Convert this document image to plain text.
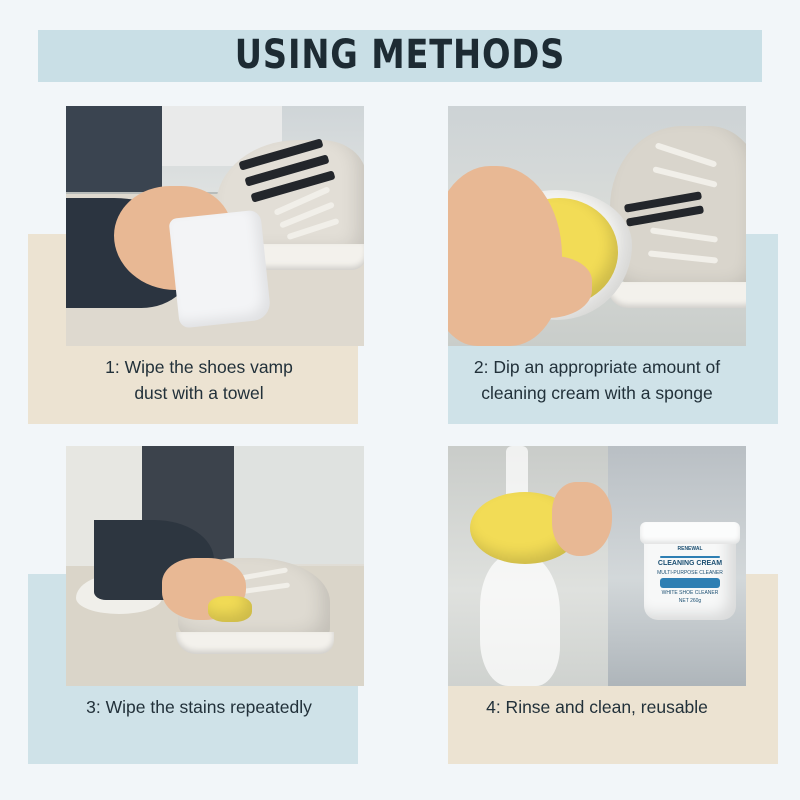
USING METHODS
1: Wipe the shoes vamp
dust with a towel
2: Dip an appropriate amount of
cleaning cream with a sponge
3: Wipe the stains repeatedly
RENEWAL
CLEANING CREAM
MULTI-PURPOSE CLEANER
WHITE SHOE CLEANER
NET 260g
4: Rinse and clean, reusable
